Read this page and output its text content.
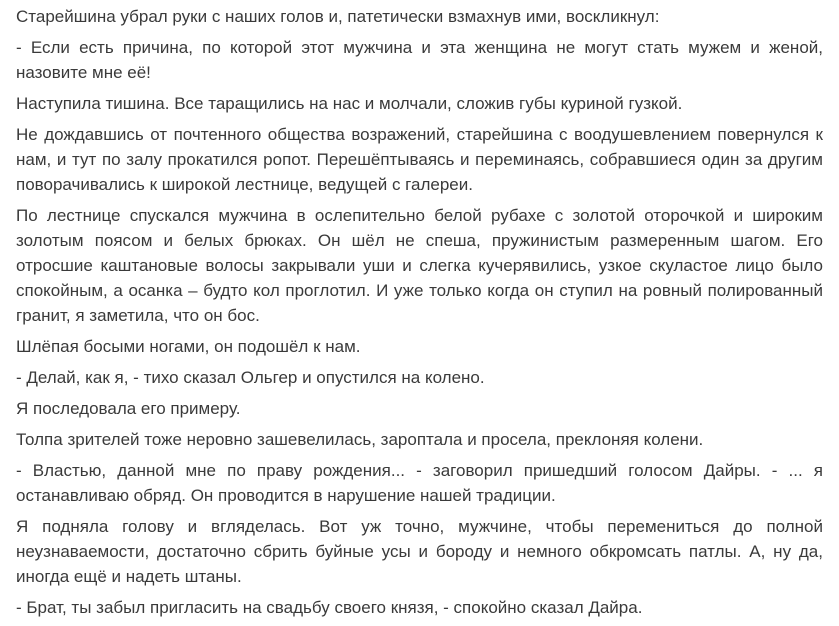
Старейшина убрал руки с наших голов и, патетически взмахнув ими, воскликнул:

- Если есть причина, по которой этот мужчина и эта женщина не могут стать мужем и женой, назовите мне её!

Наступила тишина. Все таращились на нас и молчали, сложив губы куриной гузкой.

Не дождавшись от почтенного общества возражений, старейшина с воодушевлением повернулся к нам, и тут по залу прокатился ропот. Перешёптываясь и переминаясь, собравшиеся один за другим поворачивались к широкой лестнице, ведущей с галереи.

По лестнице спускался мужчина в ослепительно белой рубахе с золотой оторочкой и широким золотым поясом и белых брюках. Он шёл не спеша, пружинистым размеренным шагом. Его отросшие каштановые волосы закрывали уши и слегка кучерявились, узкое скуластое лицо было спокойным, а осанка – будто кол проглотил. И уже только когда он ступил на ровный полированный гранит, я заметила, что он бос.

Шлёпая босыми ногами, он подошёл к нам.

- Делай, как я, - тихо сказал Ольгер и опустился на колено.

Я последовала его примеру.

Толпа зрителей тоже неровно зашевелилась, зароптала и просела, преклоняя колени.

- Властью, данной мне по праву рождения... - заговорил пришедший голосом Дайры. - ... я останавливаю обряд. Он проводится в нарушение нашей традиции.

Я подняла голову и вгляделась. Вот уж точно, мужчине, чтобы перемениться до полной неузнаваемости, достаточно сбрить буйные усы и бороду и немного обкромсать патлы. А, ну да, иногда ещё и надеть штаны.

- Брат, ты забыл пригласить на свадьбу своего князя, - спокойно сказал Дайра.
